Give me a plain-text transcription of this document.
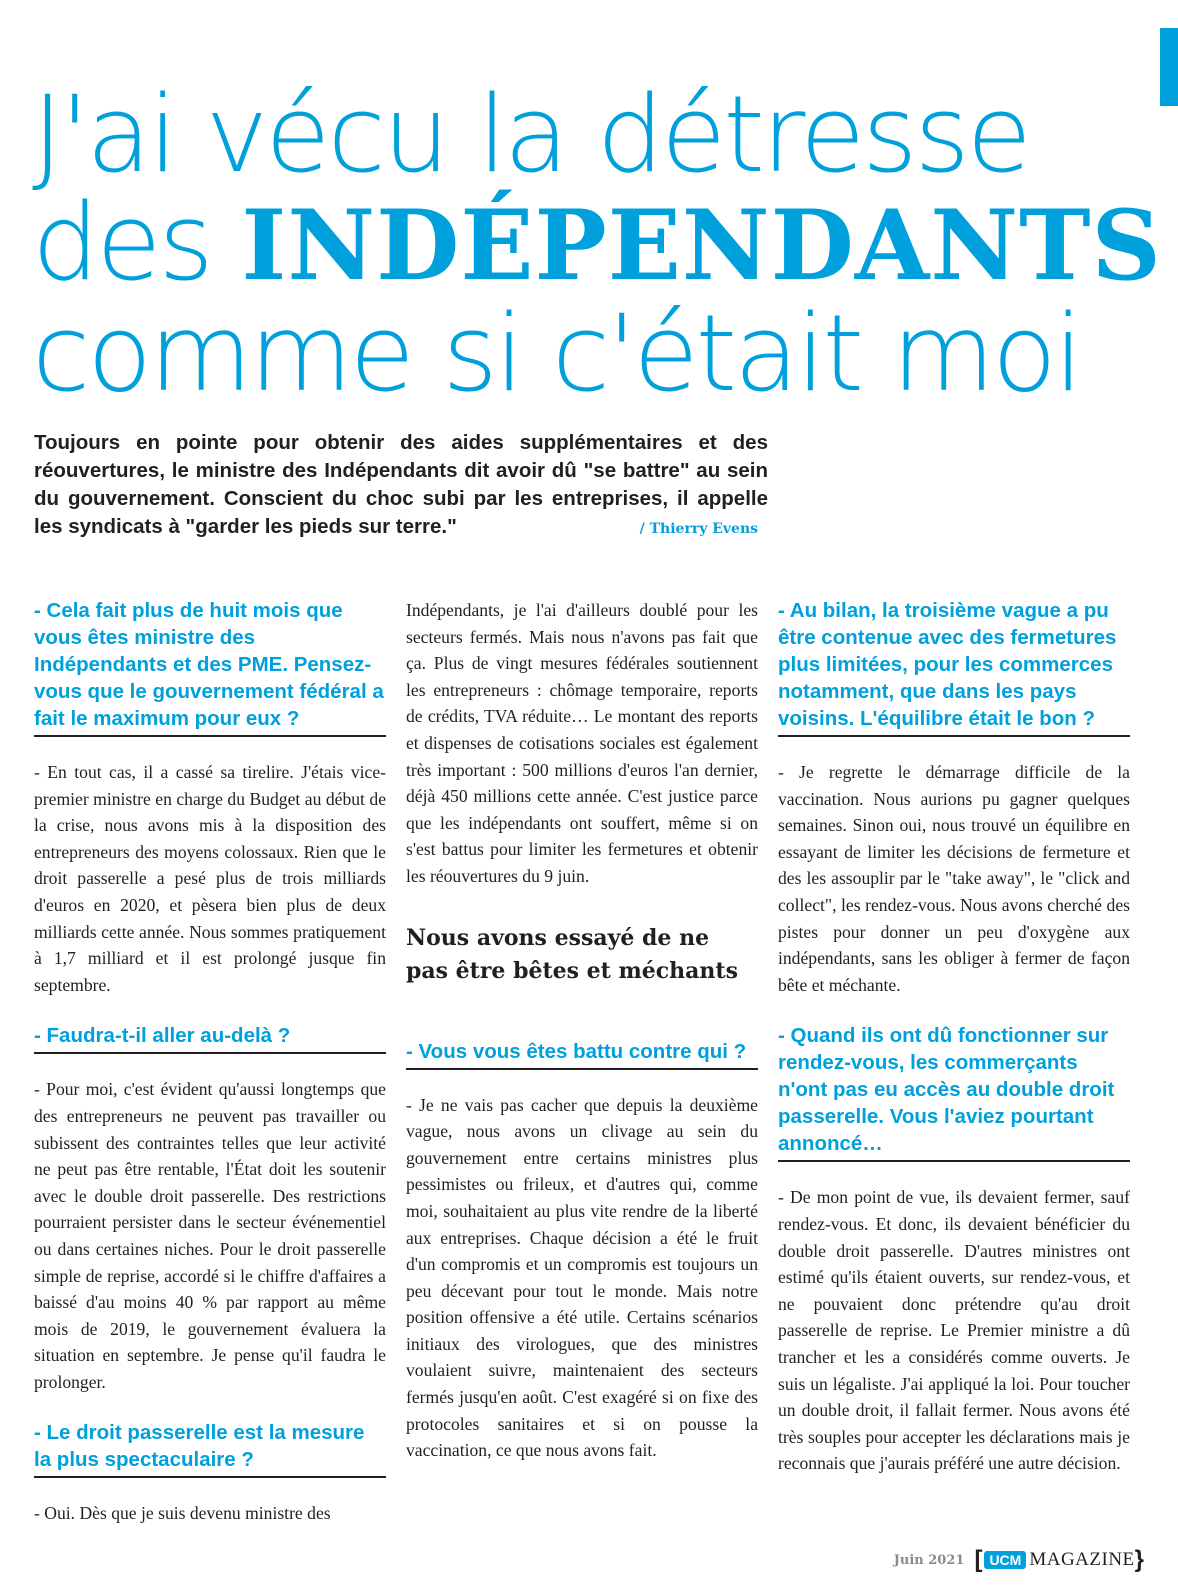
J'ai vécu la détresse
des INDÉPENDANTS
comme si c'était moi

Toujours en pointe pour obtenir des aides supplémentaires et des réouvertures, le ministre des Indépendants dit avoir dû "se battre" au sein du gouvernement. Conscient du choc subi par les entreprises, il appelle les syndicats à "garder les pieds sur terre."	/ Thierry Evens
- Cela fait plus de huit mois que vous êtes ministre des Indépendants et des PME. Pensez-vous que le gouvernement fédéral a fait le maximum pour eux ?

- En tout cas, il a cassé sa tirelire. J'étais vice-premier ministre en charge du Budget au début de la crise, nous avons mis à la disposition des entrepreneurs des moyens colossaux. Rien que le droit passerelle a pesé plus de trois milliards d'euros en 2020, et pèsera bien plus de deux milliards cette année. Nous sommes pratiquement à 1,7 milliard et il est prolongé jusque fin septembre.

- Faudra-t-il aller au-delà ?

- Pour moi, c'est évident qu'aussi longtemps que des entrepreneurs ne peuvent pas travailler ou subissent des contraintes telles que leur activité ne peut pas être rentable, l'État doit les soutenir avec le double droit passerelle. Des restrictions pourraient persister dans le secteur événementiel ou dans certaines niches. Pour le droit passerelle simple de reprise, accordé si le chiffre d'affaires a baissé d'au moins 40 % par rapport au même mois de 2019, le gouvernement évaluera la situation en septembre. Je pense qu'il faudra le prolonger.

- Le droit passerelle est la mesure la plus spectaculaire ?

- Oui. Dès que je suis devenu ministre des

Indépendants, je l'ai d'ailleurs doublé pour les secteurs fermés. Mais nous n'avons pas fait que ça. Plus de vingt mesures fédérales soutiennent les entrepreneurs : chômage temporaire, reports de crédits, TVA réduite… Le montant des reports et dispenses de cotisations sociales est également très important : 500 millions d'euros l'an dernier, déjà 450 millions cette année. C'est justice parce que les indépendants ont souffert, même si on s'est battus pour limiter les fermetures et obtenir les réouvertures du 9 juin.

Nous avons essayé de ne pas être bêtes et méchants
- Vous vous êtes battu contre qui ?

- Je ne vais pas cacher que depuis la deuxième vague, nous avons un clivage au sein du gouvernement entre certains ministres plus pessimistes ou frileux, et d'autres qui, comme moi, souhaitaient au plus vite rendre de la liberté aux entreprises. Chaque décision a été le fruit d'un compromis et un compromis est toujours un peu décevant pour tout le monde. Mais notre position offensive a été utile. Certains scénarios initiaux des virologues, que des ministres voulaient suivre, maintenaient des secteurs fermés jusqu'en août. C'est exagéré si on fixe des protocoles sanitaires et si on pousse la vaccination, ce que nous avons fait.

- Au bilan, la troisième vague a pu être contenue avec des fermetures plus limitées, pour les commerces notamment, que dans les pays voisins. L'équilibre était le bon ?

- Je regrette le démarrage difficile de la vaccination. Nous aurions pu gagner quelques semaines. Sinon oui, nous trouvé un équilibre en essayant de limiter les décisions de fermeture et des les assouplir par le "take away", le "click and collect", les rendez-vous. Nous avons cherché des pistes pour donner un peu d'oxygène aux indépendants, sans les obliger à fermer de façon bête et méchante.

- Quand ils ont dû fonctionner sur rendez-vous, les commerçants n'ont pas eu accès au double droit passerelle. Vous l'aviez pourtant annoncé…

- De mon point de vue, ils devaient fermer, sauf rendez-vous. Et donc, ils devaient bénéficier du double droit passerelle. D'autres ministres ont estimé qu'ils étaient ouverts, sur rendez-vous, et ne pouvaient donc prétendre qu'au droit passerelle de reprise. Le Premier ministre a dû trancher et les a considérés comme ouverts. Je suis un légaliste. J'ai appliqué la loi. Pour toucher un double droit, il fallait fermer. Nous avons été très souples pour accepter les déclarations mais je reconnais que j'aurais préféré une autre décision.

Juin 2021 [ UCM MAGAZINE }
